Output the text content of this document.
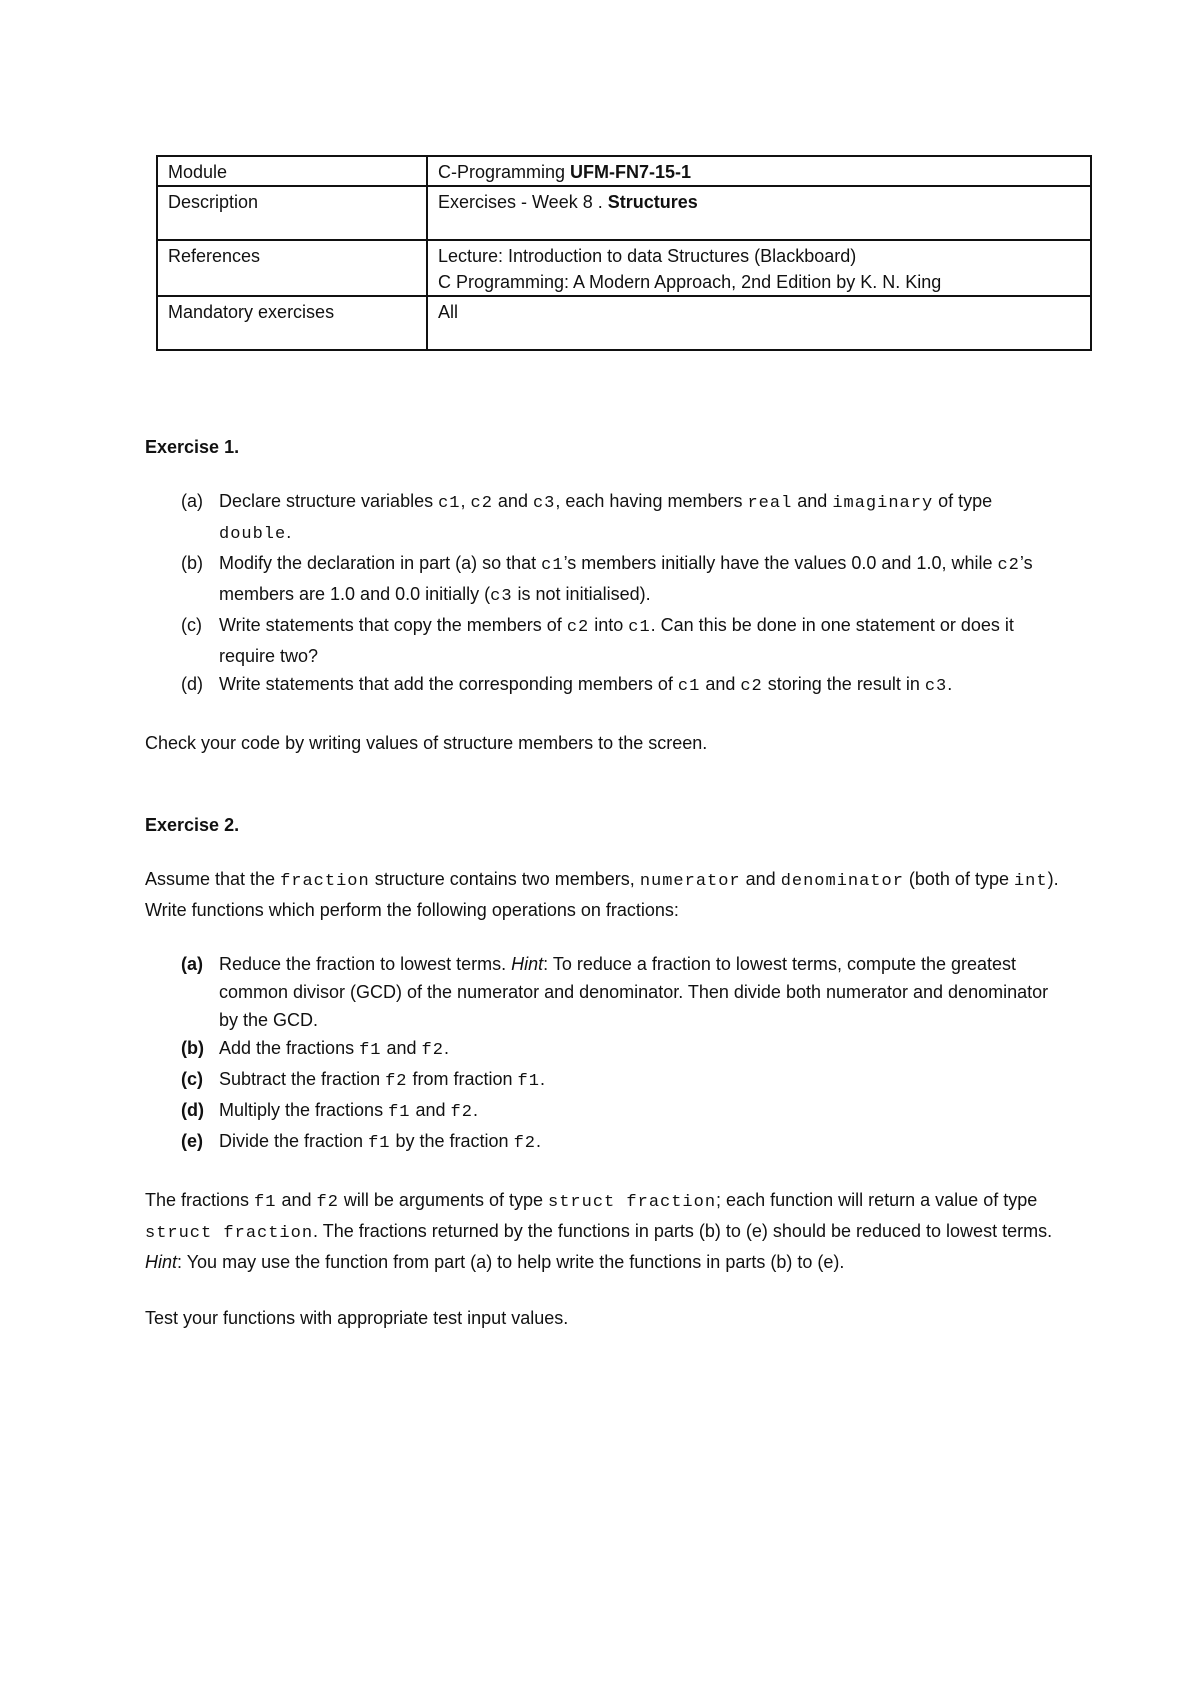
Module	C-Programming UFM-FN7-15-1
Description	Exercises - Week 8 . Structures
References	Lecture: Introduction to data Structures (Blackboard)
C Programming: A Modern Approach, 2nd Edition by K. N. King

Mandatory exercises	All

Exercise 1.

(a) Declare structure variables c1, c2 and c3, each having members real and imaginary of type double.
(b) Modify the declaration in part (a) so that c1’s members initially have the values 0.0 and 1.0, while c2’s members are 1.0 and 0.0 initially (c3 is not initialised).
(c) Write statements that copy the members of c2 into c1. Can this be done in one statement or does it require two?
(d) Write statements that add the corresponding members of c1 and c2 storing the result in c3.

Check your code by writing values of structure members to the screen.

Exercise 2.

Assume that the fraction structure contains two members, numerator and denominator (both of type int). Write functions which perform the following operations on fractions:

(a) Reduce the fraction to lowest terms. Hint: To reduce a fraction to lowest terms, compute the greatest common divisor (GCD) of the numerator and denominator. Then divide both numerator and denominator by the GCD.
(b) Add the fractions f1 and f2.
(c) Subtract the fraction f2 from fraction f1.
(d) Multiply the fractions f1 and f2.
(e) Divide the fraction f1 by the fraction f2.

The fractions f1 and f2 will be arguments of type struct fraction; each function will return a value of type struct fraction. The fractions returned by the functions in parts (b) to (e) should be reduced to lowest terms. Hint: You may use the function from part (a) to help write the functions in parts (b) to (e).

Test your functions with appropriate test input values.
